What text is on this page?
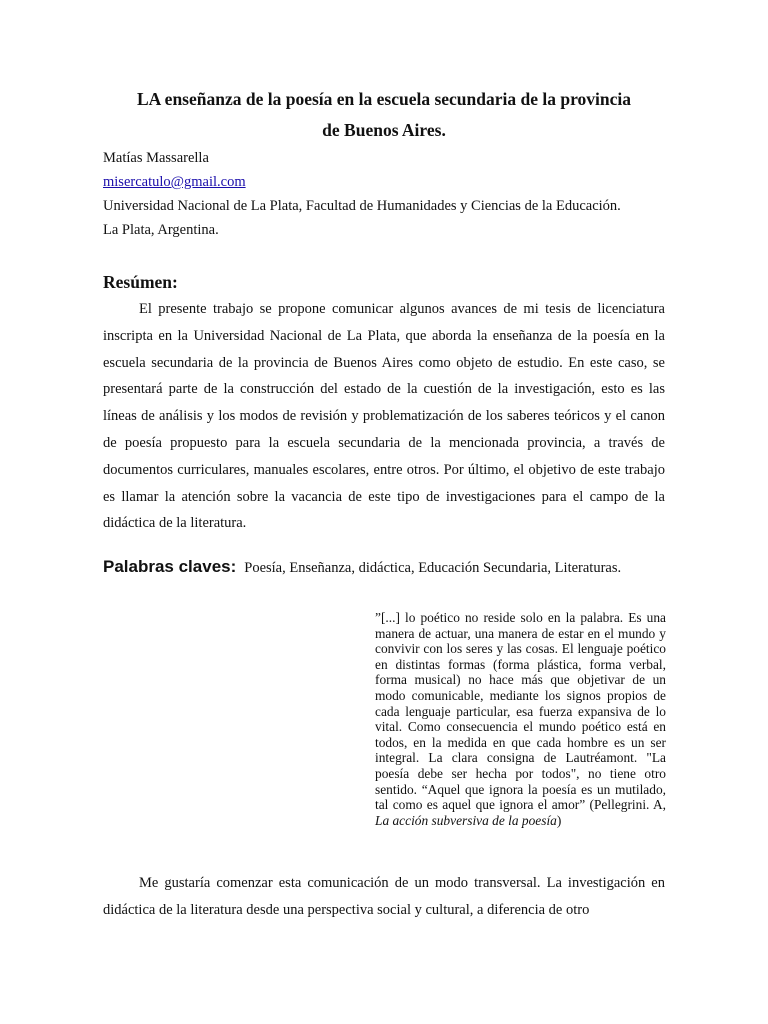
LA enseñanza de la poesía en la escuela secundaria de la provincia
de Buenos Aires.
Matías Massarella
misercatulo@gmail.com
Universidad Nacional de La Plata, Facultad de Humanidades y Ciencias de la Educación.
La Plata, Argentina.
Resúmen:

El presente trabajo se propone comunicar algunos avances de mi tesis de licenciatura inscripta en la Universidad Nacional de La Plata, que aborda la enseñanza de la poesía en la escuela secundaria de la provincia de Buenos Aires como objeto de estudio. En este caso, se presentará parte de la construcción del estado de la cuestión de la investigación, esto es las líneas de análisis y los modos de revisión y problematización de los saberes teóricos y el canon de poesía propuesto para la escuela secundaria de la mencionada provincia, a través de documentos curriculares, manuales escolares, entre otros. Por último, el objetivo de este trabajo es llamar la atención sobre la vacancia de este tipo de investigaciones para el campo de la didáctica de la literatura.

Palabras claves: Poesía, Enseñanza, didáctica, Educación Secundaria, Literaturas.

”[...] lo poético no reside solo en la palabra. Es una manera de actuar, una manera de estar en el mundo y convivir con los seres y las cosas. El lenguaje poético en distintas formas (forma plástica, forma verbal, forma musical) no hace más que objetivar de un modo comunicable, mediante los signos propios de cada lenguaje particular, esa fuerza expansiva de lo vital. Como consecuencia el mundo poético está en todos, en la medida en que cada hombre es un ser integral. La clara consigna de Lautréamont. "La poesía debe ser hecha por todos", no tiene otro sentido. “Aquel que ignora la poesía es un mutilado, tal como es aquel que ignora el amor” (Pellegrini. A, La acción subversiva de la poesía)

Me gustaría comenzar esta comunicación de un modo transversal. La investigación en didáctica de la literatura desde una perspectiva social y cultural, a diferencia de otro
